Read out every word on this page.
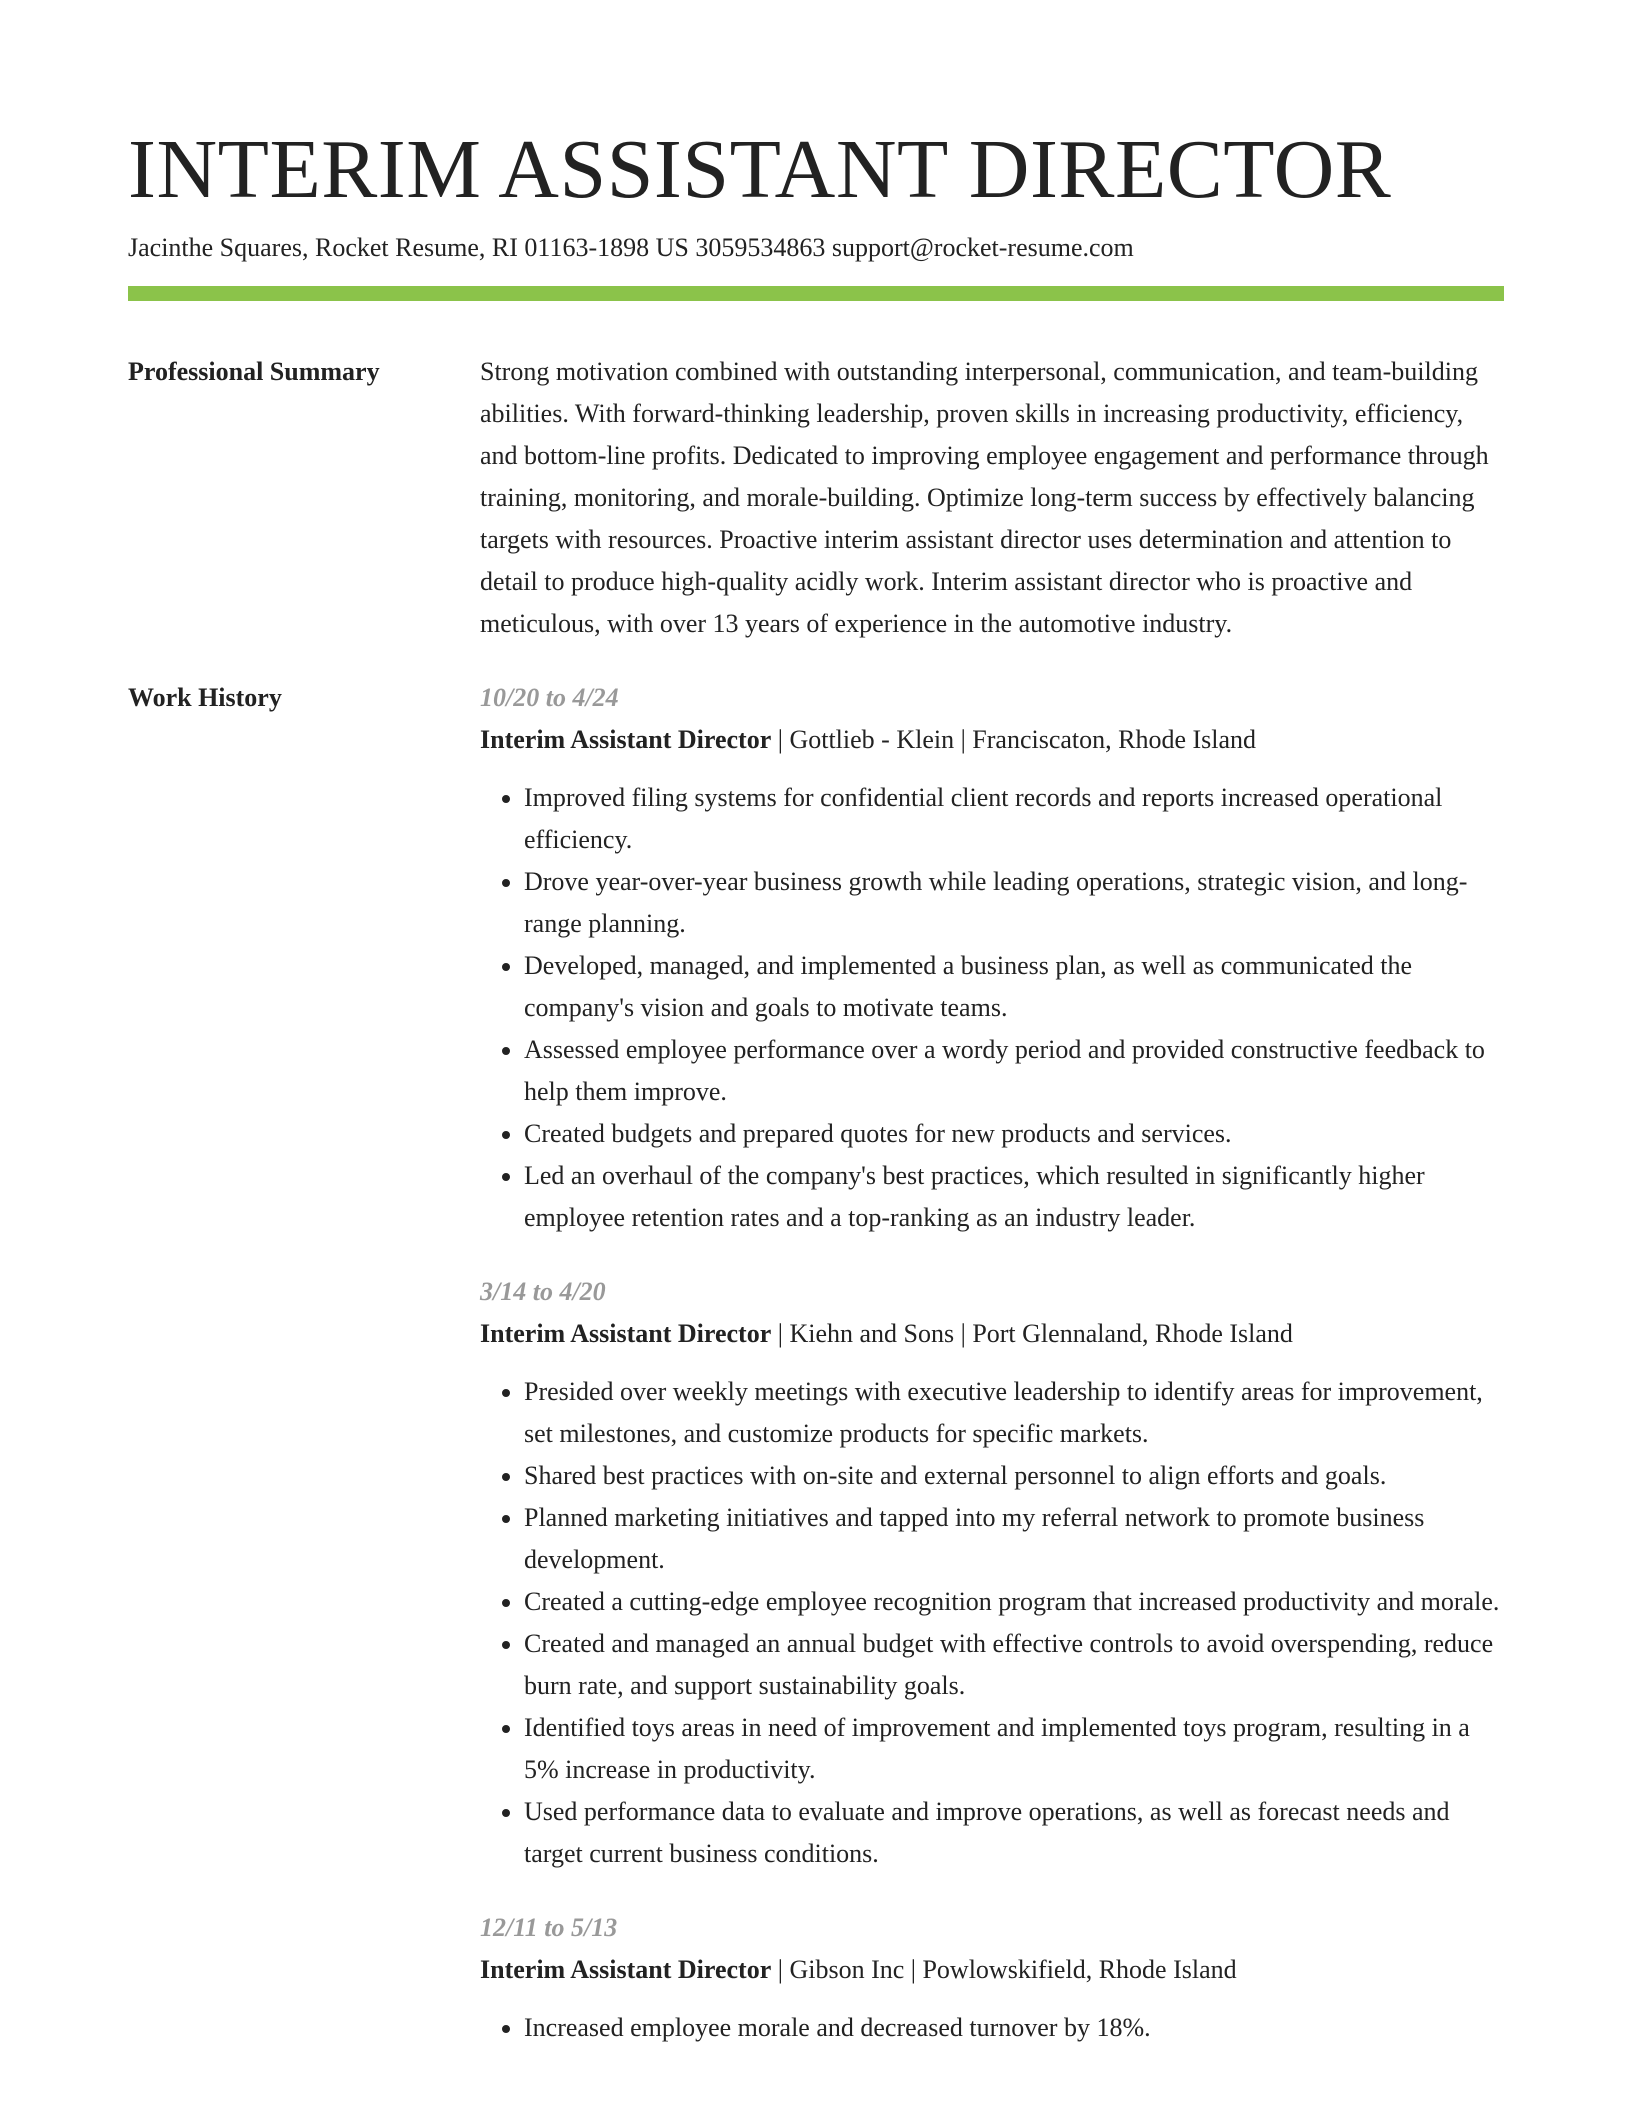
INTERIM ASSISTANT DIRECTOR
Jacinthe Squares, Rocket Resume, RI 01163-1898 US 3059534863 support@rocket-resume.com
Professional Summary	Strong motivation combined with outstanding interpersonal, communication, and team-building abilities. With forward-thinking leadership, proven skills in increasing productivity, efficiency, and bottom-line profits. Dedicated to improving employee engagement and performance through training, monitoring, and morale-building. Optimize long-term success by effectively balancing targets with resources. Proactive interim assistant director uses determination and attention to detail to produce high-quality acidly work. Interim assistant director who is proactive and meticulous, with over 13 years of experience in the automotive industry.

Work History	10/20 to 4/24
Interim Assistant Director | Gottlieb - Klein | Franciscaton, Rhode Island
• Improved filing systems for confidential client records and reports increased operational efficiency.
• Drove year-over-year business growth while leading operations, strategic vision, and long-range planning.
• Developed, managed, and implemented a business plan, as well as communicated the company's vision and goals to motivate teams.
• Assessed employee performance over a wordy period and provided constructive feedback to help them improve.
• Created budgets and prepared quotes for new products and services.
• Led an overhaul of the company's best practices, which resulted in significantly higher employee retention rates and a top-ranking as an industry leader.
3/14 to 4/20
Interim Assistant Director | Kiehn and Sons | Port Glennaland, Rhode Island
• Presided over weekly meetings with executive leadership to identify areas for improvement, set milestones, and customize products for specific markets.
• Shared best practices with on-site and external personnel to align efforts and goals.
• Planned marketing initiatives and tapped into my referral network to promote business development.
• Created a cutting-edge employee recognition program that increased productivity and morale.
• Created and managed an annual budget with effective controls to avoid overspending, reduce burn rate, and support sustainability goals.
• Identified toys areas in need of improvement and implemented toys program, resulting in a 5% increase in productivity.
• Used performance data to evaluate and improve operations, as well as forecast needs and target current business conditions.
12/11 to 5/13
Interim Assistant Director | Gibson Inc | Powlowskifield, Rhode Island
• Increased employee morale and decreased turnover by 18%.
